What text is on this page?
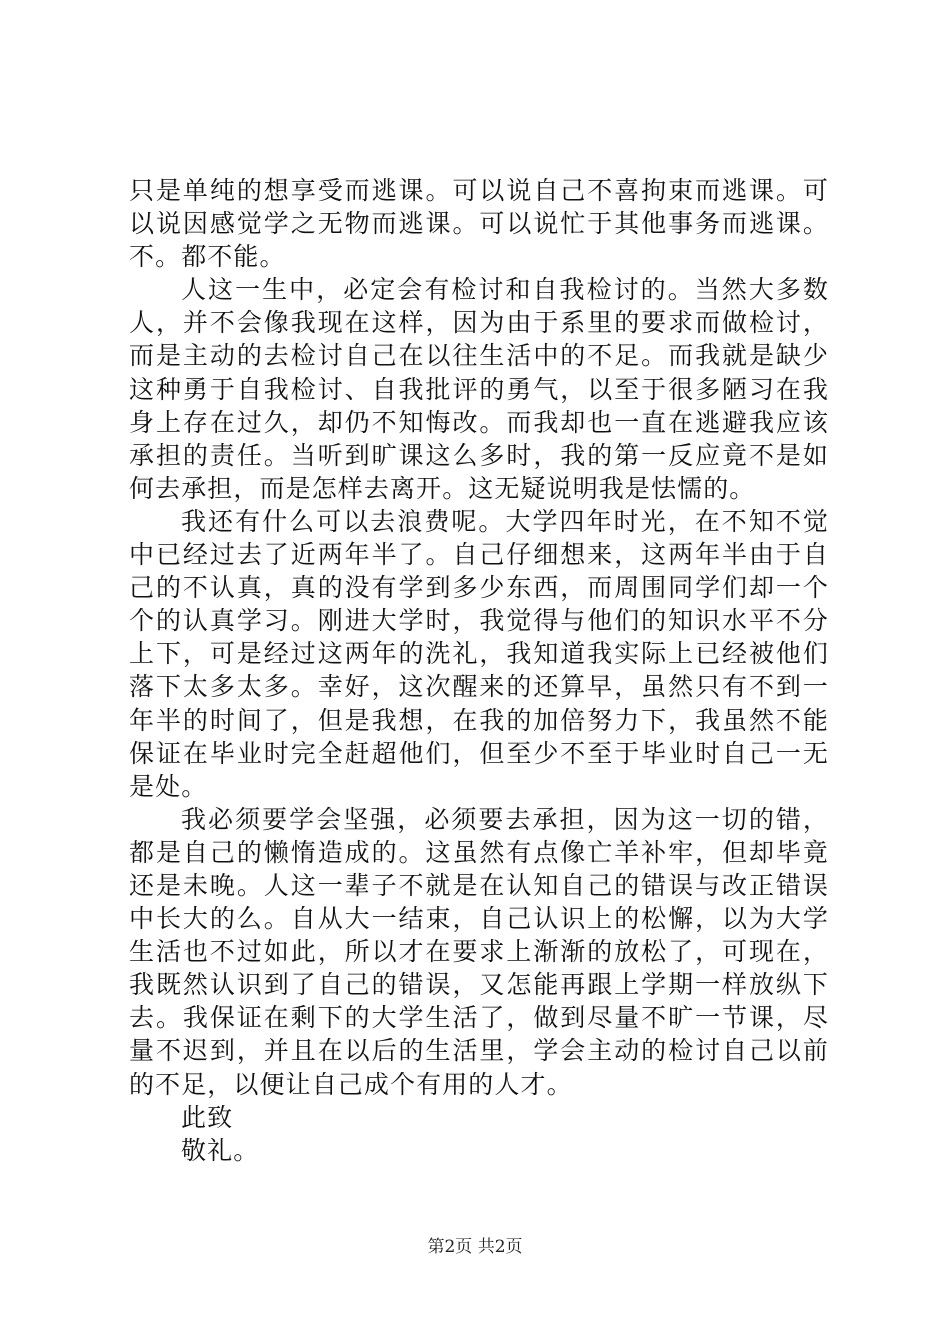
只是单纯的想享受而逃课。可以说自己不喜拘束而逃课。可以说因感觉学之无物而逃课。可以说忙于其他事务而逃课。不。都不能。

人这一生中，必定会有检讨和自我检讨的。当然大多数人，并不会像我现在这样，因为由于系里的要求而做检讨，而是主动的去检讨自己在以往生活中的不足。而我就是缺少这种勇于自我检讨、自我批评的勇气，以至于很多陋习在我身上存在过久，却仍不知悔改。而我却也一直在逃避我应该承担的责任。当听到旷课这么多时，我的第一反应竟不是如何去承担，而是怎样去离开。这无疑说明我是怯懦的。

我还有什么可以去浪费呢。大学四年时光，在不知不觉中已经过去了近两年半了。自己仔细想来，这两年半由于自己的不认真，真的没有学到多少东西，而周围同学们却一个个的认真学习。刚进大学时，我觉得与他们的知识水平不分上下，可是经过这两年的洗礼，我知道我实际上已经被他们落下太多太多。幸好，这次醒来的还算早，虽然只有不到一年半的时间了，但是我想，在我的加倍努力下，我虽然不能保证在毕业时完全赶超他们，但至少不至于毕业时自己一无是处。

我必须要学会坚强，必须要去承担，因为这一切的错，都是自己的懒惰造成的。这虽然有点像亡羊补牢，但却毕竟还是未晚。人这一辈子不就是在认知自己的错误与改正错误中长大的么。自从大一结束，自己认识上的松懈，以为大学生活也不过如此，所以才在要求上渐渐的放松了，可现在，我既然认识到了自己的错误，又怎能再跟上学期一样放纵下去。我保证在剩下的大学生活了，做到尽量不旷一节课，尽量不迟到，并且在以后的生活里，学会主动的检讨自己以前的不足，以便让自己成个有用的人才。

此致

敬礼。

第2页 共2页
